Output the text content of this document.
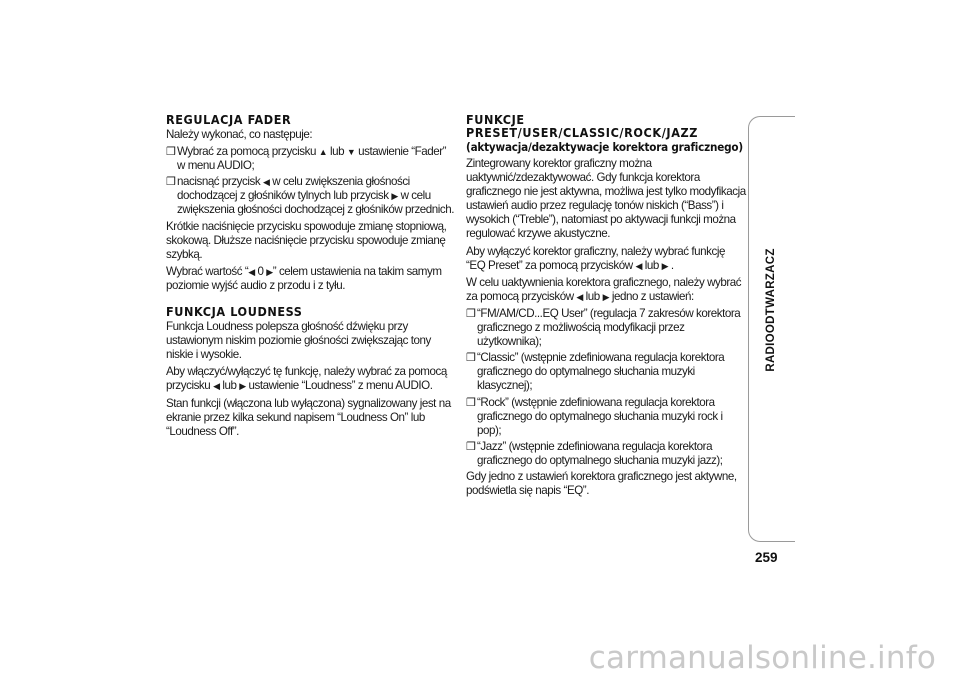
REGULACJA FADER

Należy wykonać, co następuje:

❒ Wybrać za pomocą przycisku ▲ lub ▼ ustawienie “Fader” w menu AUDIO;
❒ nacisnąć przycisk ◀ w celu zwiększenia głośności dochodzącej z głośników tylnych lub przycisk ▶ w celu zwiększenia głośności dochodzącej z głośników przednich.

Krótkie naciśnięcie przycisku spowoduje zmianę stopniową, skokową. Dłuższe naciśnięcie przycisku spowoduje zmianę szybką.

Wybrać wartość “◀ 0 ▶” celem ustawienia na takim samym poziomie wyjść audio z przodu i z tyłu.

FUNKCJA LOUDNESS

Funkcja Loudness polepsza głośność dźwięku przy ustawionym niskim poziomie głośności zwiększając tony niskie i wysokie.

Aby włączyć/wyłączyć tę funkcję, należy wybrać za pomocą przycisku ◀ lub ▶ ustawienie “Loudness” z menu AUDIO.

Stan funkcji (włączona lub wyłączona) sygnalizowany jest na ekranie przez kilka sekund napisem “Loudness On” lub “Loudness Off”.

FUNKCJE
PRESET/USER/CLASSIC/ROCK/JAZZ
(aktywacja/dezaktywacje korektora graficznego)

Zintegrowany korektor graficzny można uaktywnić/zdezaktywować. Gdy funkcja korektora graficznego nie jest aktywna, możliwa jest tylko modyfikacja ustawień audio przez regulację tonów niskich (“Bass”) i wysokich (“Treble”), natomiast po aktywacji funkcji można regulować krzywe akustyczne.

Aby wyłączyć korektor graficzny, należy wybrać funkcję “EQ Preset” za pomocą przycisków ◀ lub ▶ .

W celu uaktywnienia korektora graficznego, należy wybrać za pomocą przycisków ◀ lub ▶ jedno z ustawień:

❒ “FM/AM/CD...EQ User” (regulacja 7 zakresów korektora graficznego z możliwością modyfikacji przez użytkownika);
❒ “Classic” (wstępnie zdefiniowana regulacja korektora graficznego do optymalnego słuchania muzyki klasycznej);
❒ “Rock” (wstępnie zdefiniowana regulacja korektora graficznego do optymalnego słuchania muzyki rock i pop);
❒ “Jazz” (wstępnie zdefiniowana regulacja korektora graficznego do optymalnego słuchania muzyki jazz);

Gdy jedno z ustawień korektora graficznego jest aktywne, podświetla się napis “EQ”.

RADIOODTWARZACZ
259
carmanualsonline.info
